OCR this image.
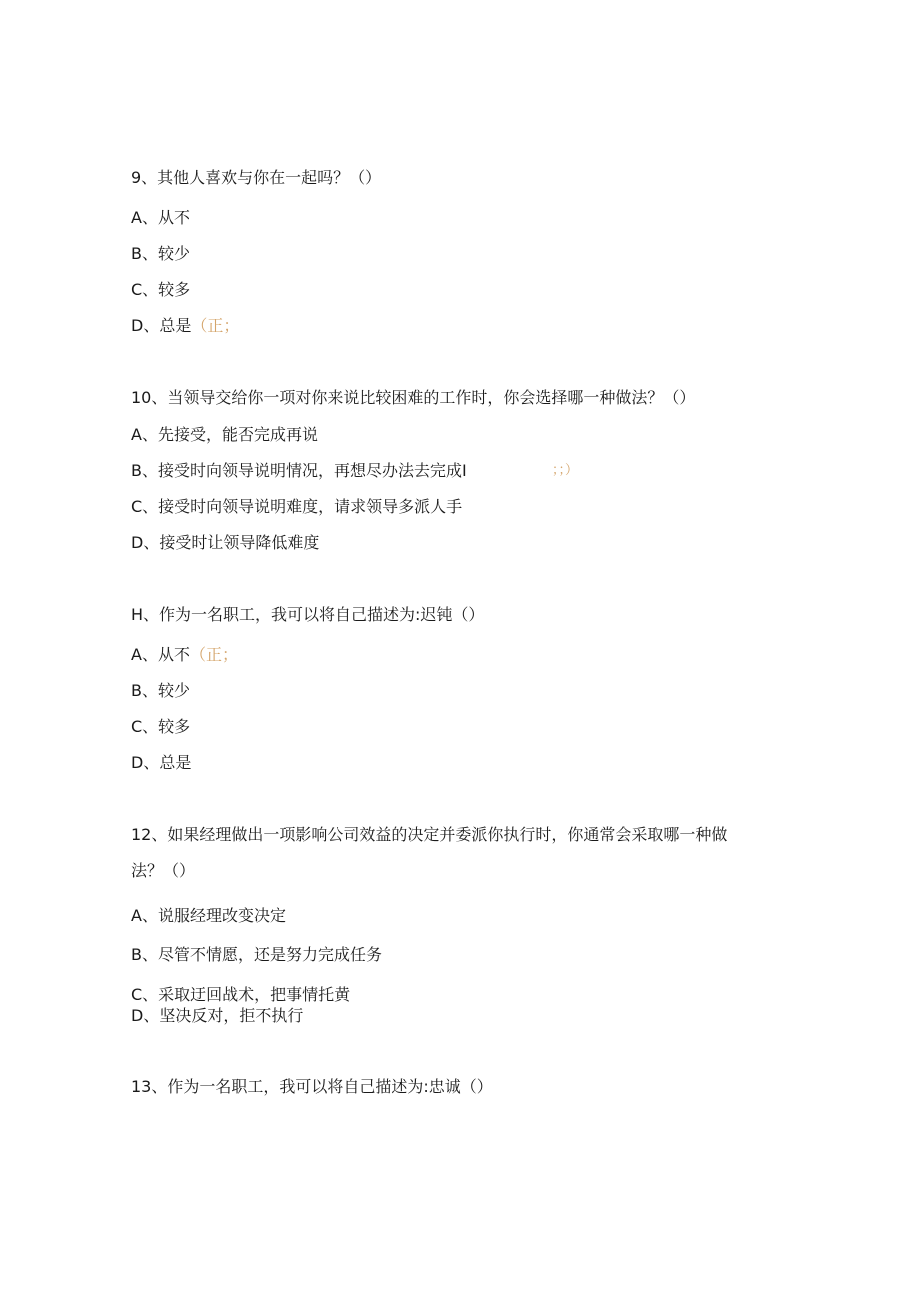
9、其他人喜欢与你在一起吗？（）
A、从不
B、较少
C、较多
D、总是（正；
10、当领导交给你一项对你来说比较困难的工作时，你会选择哪一种做法？（）
A、先接受，能否完成再说
B、接受时向领导说明情况，再想尽办法去完成I	；；）
C、接受时向领导说明难度，请求领导多派人手
D、接受时让领导降低难度
H、作为一名职工，我可以将自己描述为:迟钝（）
A、从不（正；
B、较少
C、较多
D、总是
12、如果经理做出一项影响公司效益的决定并委派你执行时，你通常会采取哪一种做
法？（）
A、说服经理改变决定
B、尽管不情愿，还是努力完成任务
C、采取迂回战术，把事情托黄
D、坚决反对，拒不执行
13、作为一名职工，我可以将自己描述为:忠诚（）
